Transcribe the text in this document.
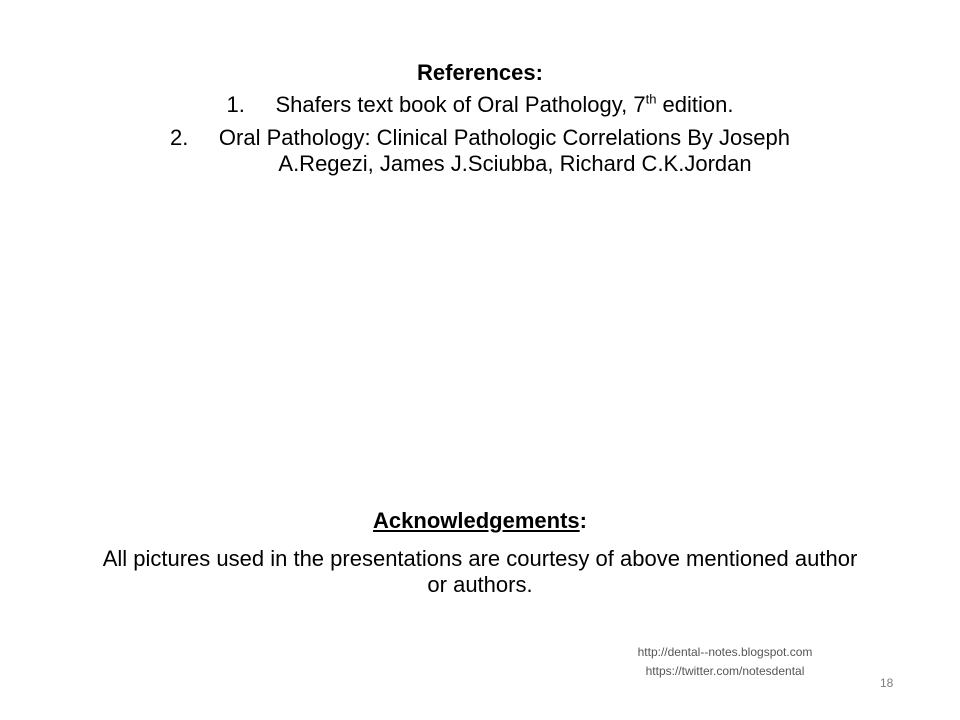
References:
1. Shafers text book of Oral Pathology, 7th edition.
2. Oral Pathology: Clinical Pathologic Correlations By Joseph
A.Regezi, James J.Sciubba, Richard C.K.Jordan
Acknowledgements:
All pictures used in the presentations are courtesy of above mentioned author or authors.
http://dental--notes.blogspot.com
https://twitter.com/notesdental
18
